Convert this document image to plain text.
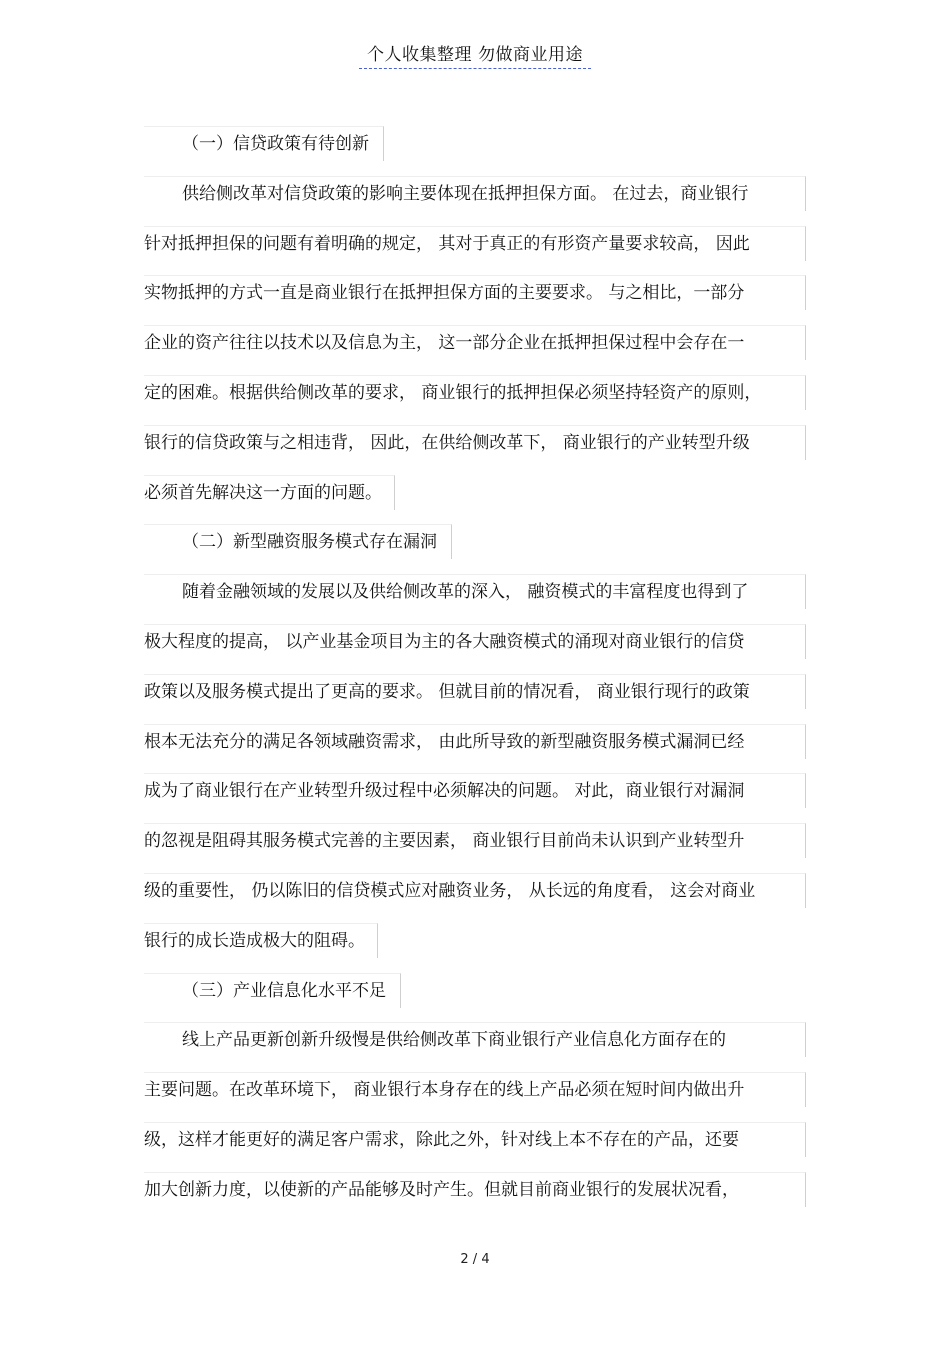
个人收集整理 勿做商业用途
（一）信贷政策有待创新
供给侧改革对信贷政策的影响主要体现在抵押担保方面。 在过去，商业银行
针对抵押担保的问题有着明确的规定， 其对于真正的有形资产量要求较高， 因此
实物抵押的方式一直是商业银行在抵押担保方面的主要要求。 与之相比，一部分
企业的资产往往以技术以及信息为主， 这一部分企业在抵押担保过程中会存在一
定的困难。根据供给侧改革的要求， 商业银行的抵押担保必须坚持轻资产的原则，
银行的信贷政策与之相违背， 因此，在供给侧改革下， 商业银行的产业转型升级
必须首先解决这一方面的问题。
（二）新型融资服务模式存在漏洞
随着金融领域的发展以及供给侧改革的深入， 融资模式的丰富程度也得到了
极大程度的提高， 以产业基金项目为主的各大融资模式的涌现对商业银行的信贷
政策以及服务模式提出了更高的要求。 但就目前的情况看， 商业银行现行的政策
根本无法充分的满足各领域融资需求， 由此所导致的新型融资服务模式漏洞已经
成为了商业银行在产业转型升级过程中必须解决的问题。 对此，商业银行对漏洞
的忽视是阻碍其服务模式完善的主要因素， 商业银行目前尚未认识到产业转型升
级的重要性， 仍以陈旧的信贷模式应对融资业务， 从长远的角度看， 这会对商业
银行的成长造成极大的阻碍。
（三）产业信息化水平不足
线上产品更新创新升级慢是供给侧改革下商业银行产业信息化方面存在的
主要问题。在改革环境下， 商业银行本身存在的线上产品必须在短时间内做出升
级，这样才能更好的满足客户需求，除此之外，针对线上本不存在的产品，还要
加大创新力度，以使新的产品能够及时产生。但就目前商业银行的发展状况看，
2 / 4
